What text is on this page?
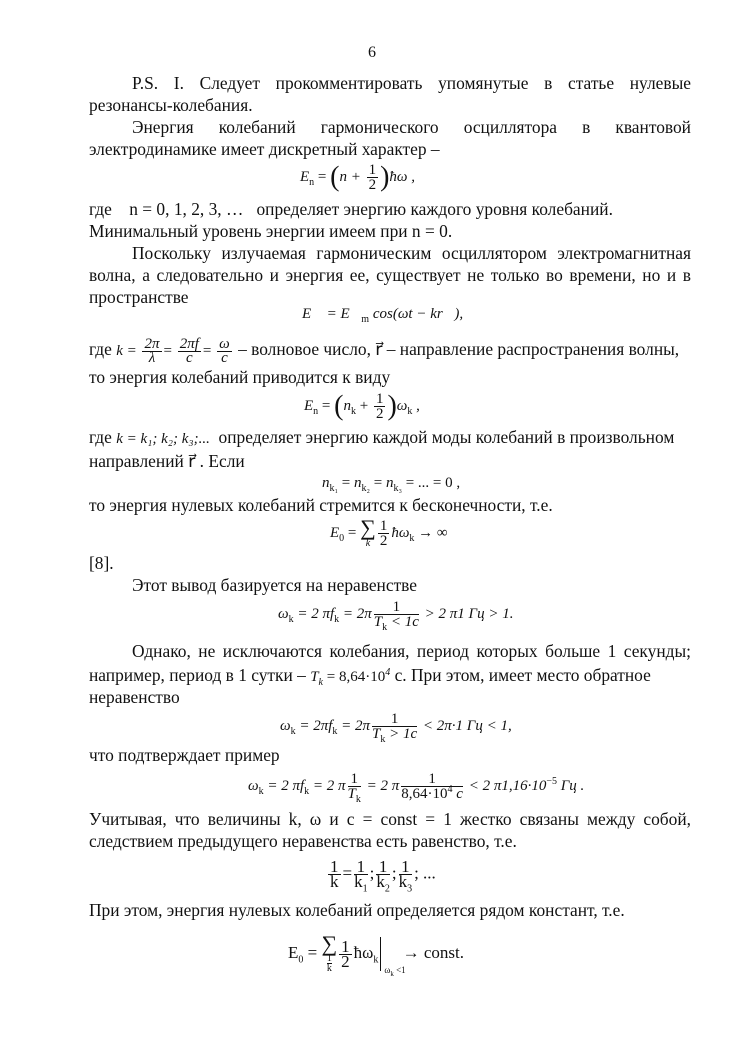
6
P.S. I. Следует прокомментировать упомянутые в статье нулевые
резонансы-колебания.
Энергия колебаний гармонического осциллятора в квантовой
электродинамике имеет дискретный характер –
$E_n = (n + \frac{1}{2}$ )ħω ,
где n = 0, 1, 2, 3, … определяет энергию каждого уровня колебаний.
Минимальный уровень энергии имеем при n = 0.
Поскольку излучаемая гармоническим осциллятором электромагнитная
волна, а следовательно и энергия ее, существует не только во времени, но и в
пространстве
E⃗ = $E⃗_m$ cos(ωt − kr⃗),
где $k = \frac{2\pi}{\lambda} = \frac{2\pi f}{c} = \frac{\omega}{c}$ – волновое число, r⃗ – направление распространения волны,
то энергия колебаний приводится к виду
$E_n = (n_k + \frac{1}{2} )\omega_k$ ,
где k = k₁; k₂; k₃;... определяет энергию каждой моды колебаний в произвольном
направлений r⃗ . Если
$n_{k_1} = n_{k_2} = n_{k_3}$ = ... = 0 ,
то энергия нулевых колебаний стремится к бесконечности, т.е.
$E_0$ = ∑
k $\frac{1}{2}$ $ħ\omega_k$ → ∞
[8].
Этот вывод базируется на неравенстве
$\omega_k = 2$ $\pi f_k = 2\pi \frac{1}{T_k < 1c} > 2$ π1 Гц > 1.
Однако, не исключаются колебания, период которых больше 1 секунды;
например, период в 1 сутки – $T_k = 8,64\cdot 10^4$ с. При этом, имеет место обратное
неравенство
$\omega_k = 2\pi f_k = 2\pi \frac{1}{T_k > 1c} < 2\pi\cdot 1$ Гц < 1,
что подтверждает пример
$\omega_k = 2$ $\pi f_k = 2$ π $\frac{1}{T_k} = 2$ π $\frac{1}{8,64\cdot 10^4 c} < 2$ $\pi 1,16\cdot 10^{-5}$ Гц .
Учитывая, что величины k, ω и c = const = 1 жестко связаны между собой,
следствием предыдущего неравенства есть равенство, т.е.
$\frac{1}{k} = \frac{1}{k_1}$ ; $\frac{1}{k_2}$ ; $\frac{1}{k_3}$ ; ...
При этом, энергия нулевых колебаний определяется рядом констант, т.е.
$E_0$ = ∑
$\frac{1}{k} \frac{1}{2}$ $ħ\omega_k$
$\omega_k <1$
→ const.
